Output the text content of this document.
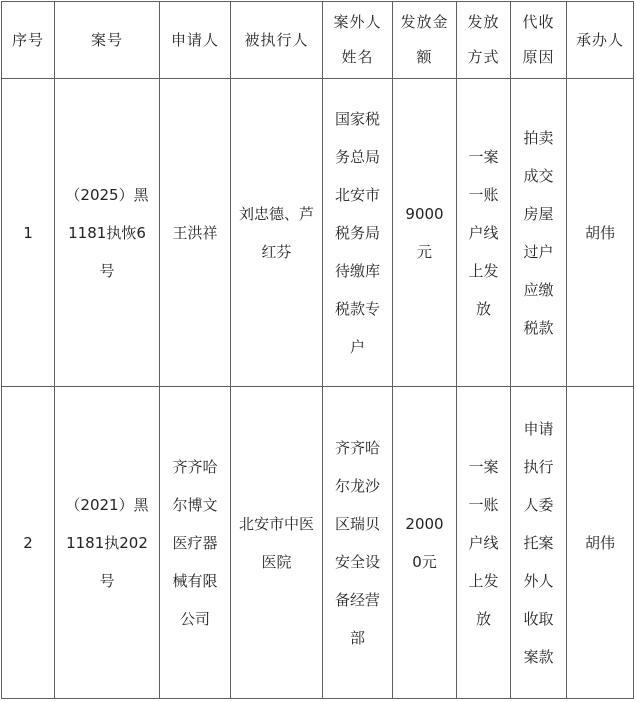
序号	案号	申请人	被执行人	案外人姓名	发放金额	发放方式	代收原因	承办人
1	（2025）黑1181执恢6号	王洪祥	刘忠德、芦红芬	国家税务总局北安市税务局待缴库税款专户	9000元	一案一账户线上发放	拍卖成交房屋过户应缴税款	胡伟
2	（2021）黑1181执202号	齐齐哈尔博文医疗器械有限公司	北安市中医医院	齐齐哈尔龙沙区瑞贝安全设备经营部	20000元	一案一账户线上发放	申请执行人委托案外人收取案款	胡伟
